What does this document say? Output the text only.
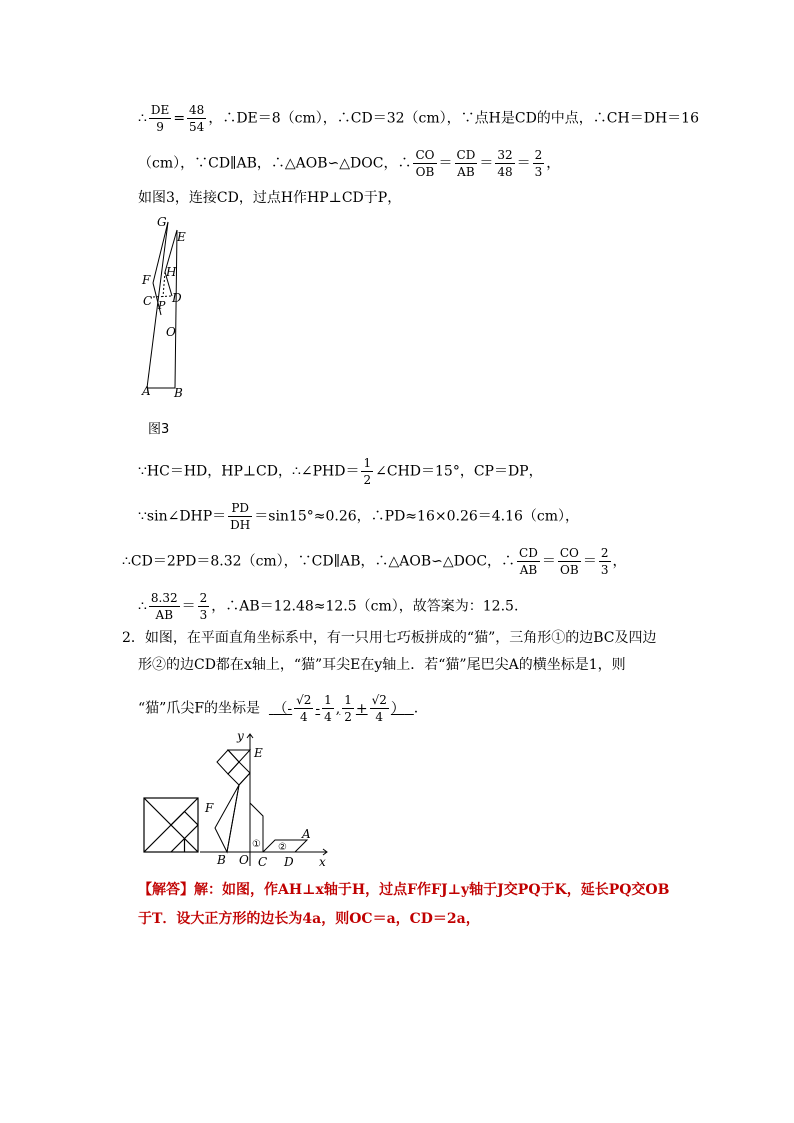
∴ $\frac{DE}{9} = \frac{48}{54}$ ，∴DE＝8（cm），∴CD＝32（cm），∵点H是CD的中点，∴CH＝DH＝16
（cm），∵CD∥AB，∴△AOB∽△DOC，∴ $\frac{CO}{OB} = \frac{CD}{AB} = \frac{32}{48} = \frac{2}{3}$ ，
如图3，连接CD，过点H作HP⊥CD于P，
G
E
F
H
C D
P
O
A B
图3
∵HC＝HD，HP⊥CD，∴∠PHD＝ $\frac{1}{2}$ ∠CHD＝15°，CP＝DP，
∵sin∠DHP＝ $\frac{PD}{DH} =\sin 15^\circ\approx 0.26$，∴PD≈16×0.26＝4.16（cm），
∴CD＝2PD＝8.32（cm），∵CD∥AB，∴△AOB∽△DOC，∴ $\frac{CD}{AB} = \frac{CO}{OB} = \frac{2}{3}$ ，
∴ $\frac{8.32}{AB} = \frac{2}{3}$ ，∴AB＝12.48≈12.5（cm），故答案为：12.5.
2．如图，在平面直角坐标系中，有一只用七巧板拼成的“猫”，三角形①的边BC及四边
形②的边CD都在x轴上，“猫”耳尖E在y轴上．若“猫”尾巴尖A的横坐标是1，则
“猫”爪尖F的坐标是 （- $\frac{√2}{4} - \frac{1}{4}$ , $\frac{1}{2} + \frac{√2}{4}$ ） .
y
E
F
A
B O C D x
① ②
【解答】解：如图，作AH⊥x轴于H，过点F作FJ⊥y轴于J交PQ于K，延长PQ交OB
于T．设大正方形的边长为4a，则OC＝a，CD＝2a，
